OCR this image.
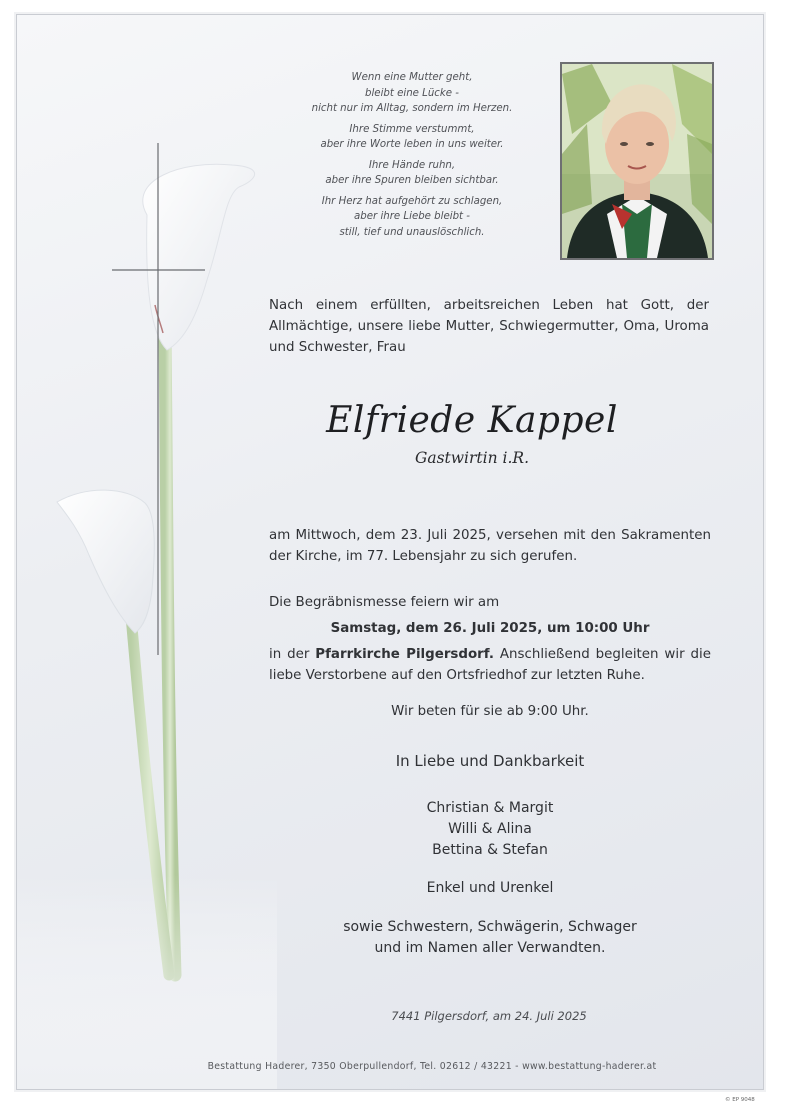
Wenn eine Mutter geht,
bleibt eine Lücke -
nicht nur im Alltag, sondern im Herzen.
Ihre Stimme verstummt,
aber ihre Worte leben in uns weiter.
Ihre Hände ruhn,
aber ihre Spuren bleiben sichtbar.
Ihr Herz hat aufgehört zu schlagen,
aber ihre Liebe bleibt -
still, tief und unauslöschlich.
Nach einem erfüllten, arbeitsreichen Leben hat Gott, der Allmächtige, unsere liebe Mutter, Schwiegermutter, Oma, Uroma und Schwester, Frau
Elfriede Kappel
Gastwirtin i.R.
am Mittwoch, dem 23. Juli 2025, versehen mit den Sakramenten der Kirche, im 77. Lebensjahr zu sich gerufen.
Die Begräbnismesse feiern wir am
Samstag, dem 26. Juli 2025, um 10:00 Uhr
in der Pfarrkirche Pilgersdorf. Anschließend begleiten wir die liebe Verstorbene auf den Ortsfriedhof zur letzten Ruhe.
Wir beten für sie ab 9:00 Uhr.
In Liebe und Dankbarkeit
Christian & Margit
Willi & Alina
Bettina & Stefan
Enkel und Urenkel
sowie Schwestern, Schwägerin, Schwager
und im Namen aller Verwandten.
7441 Pilgersdorf, am 24. Juli 2025
Bestattung Haderer, 7350 Oberpullendorf, Tel. 02612 / 43221 - www.bestattung-haderer.at
© EP 9048
